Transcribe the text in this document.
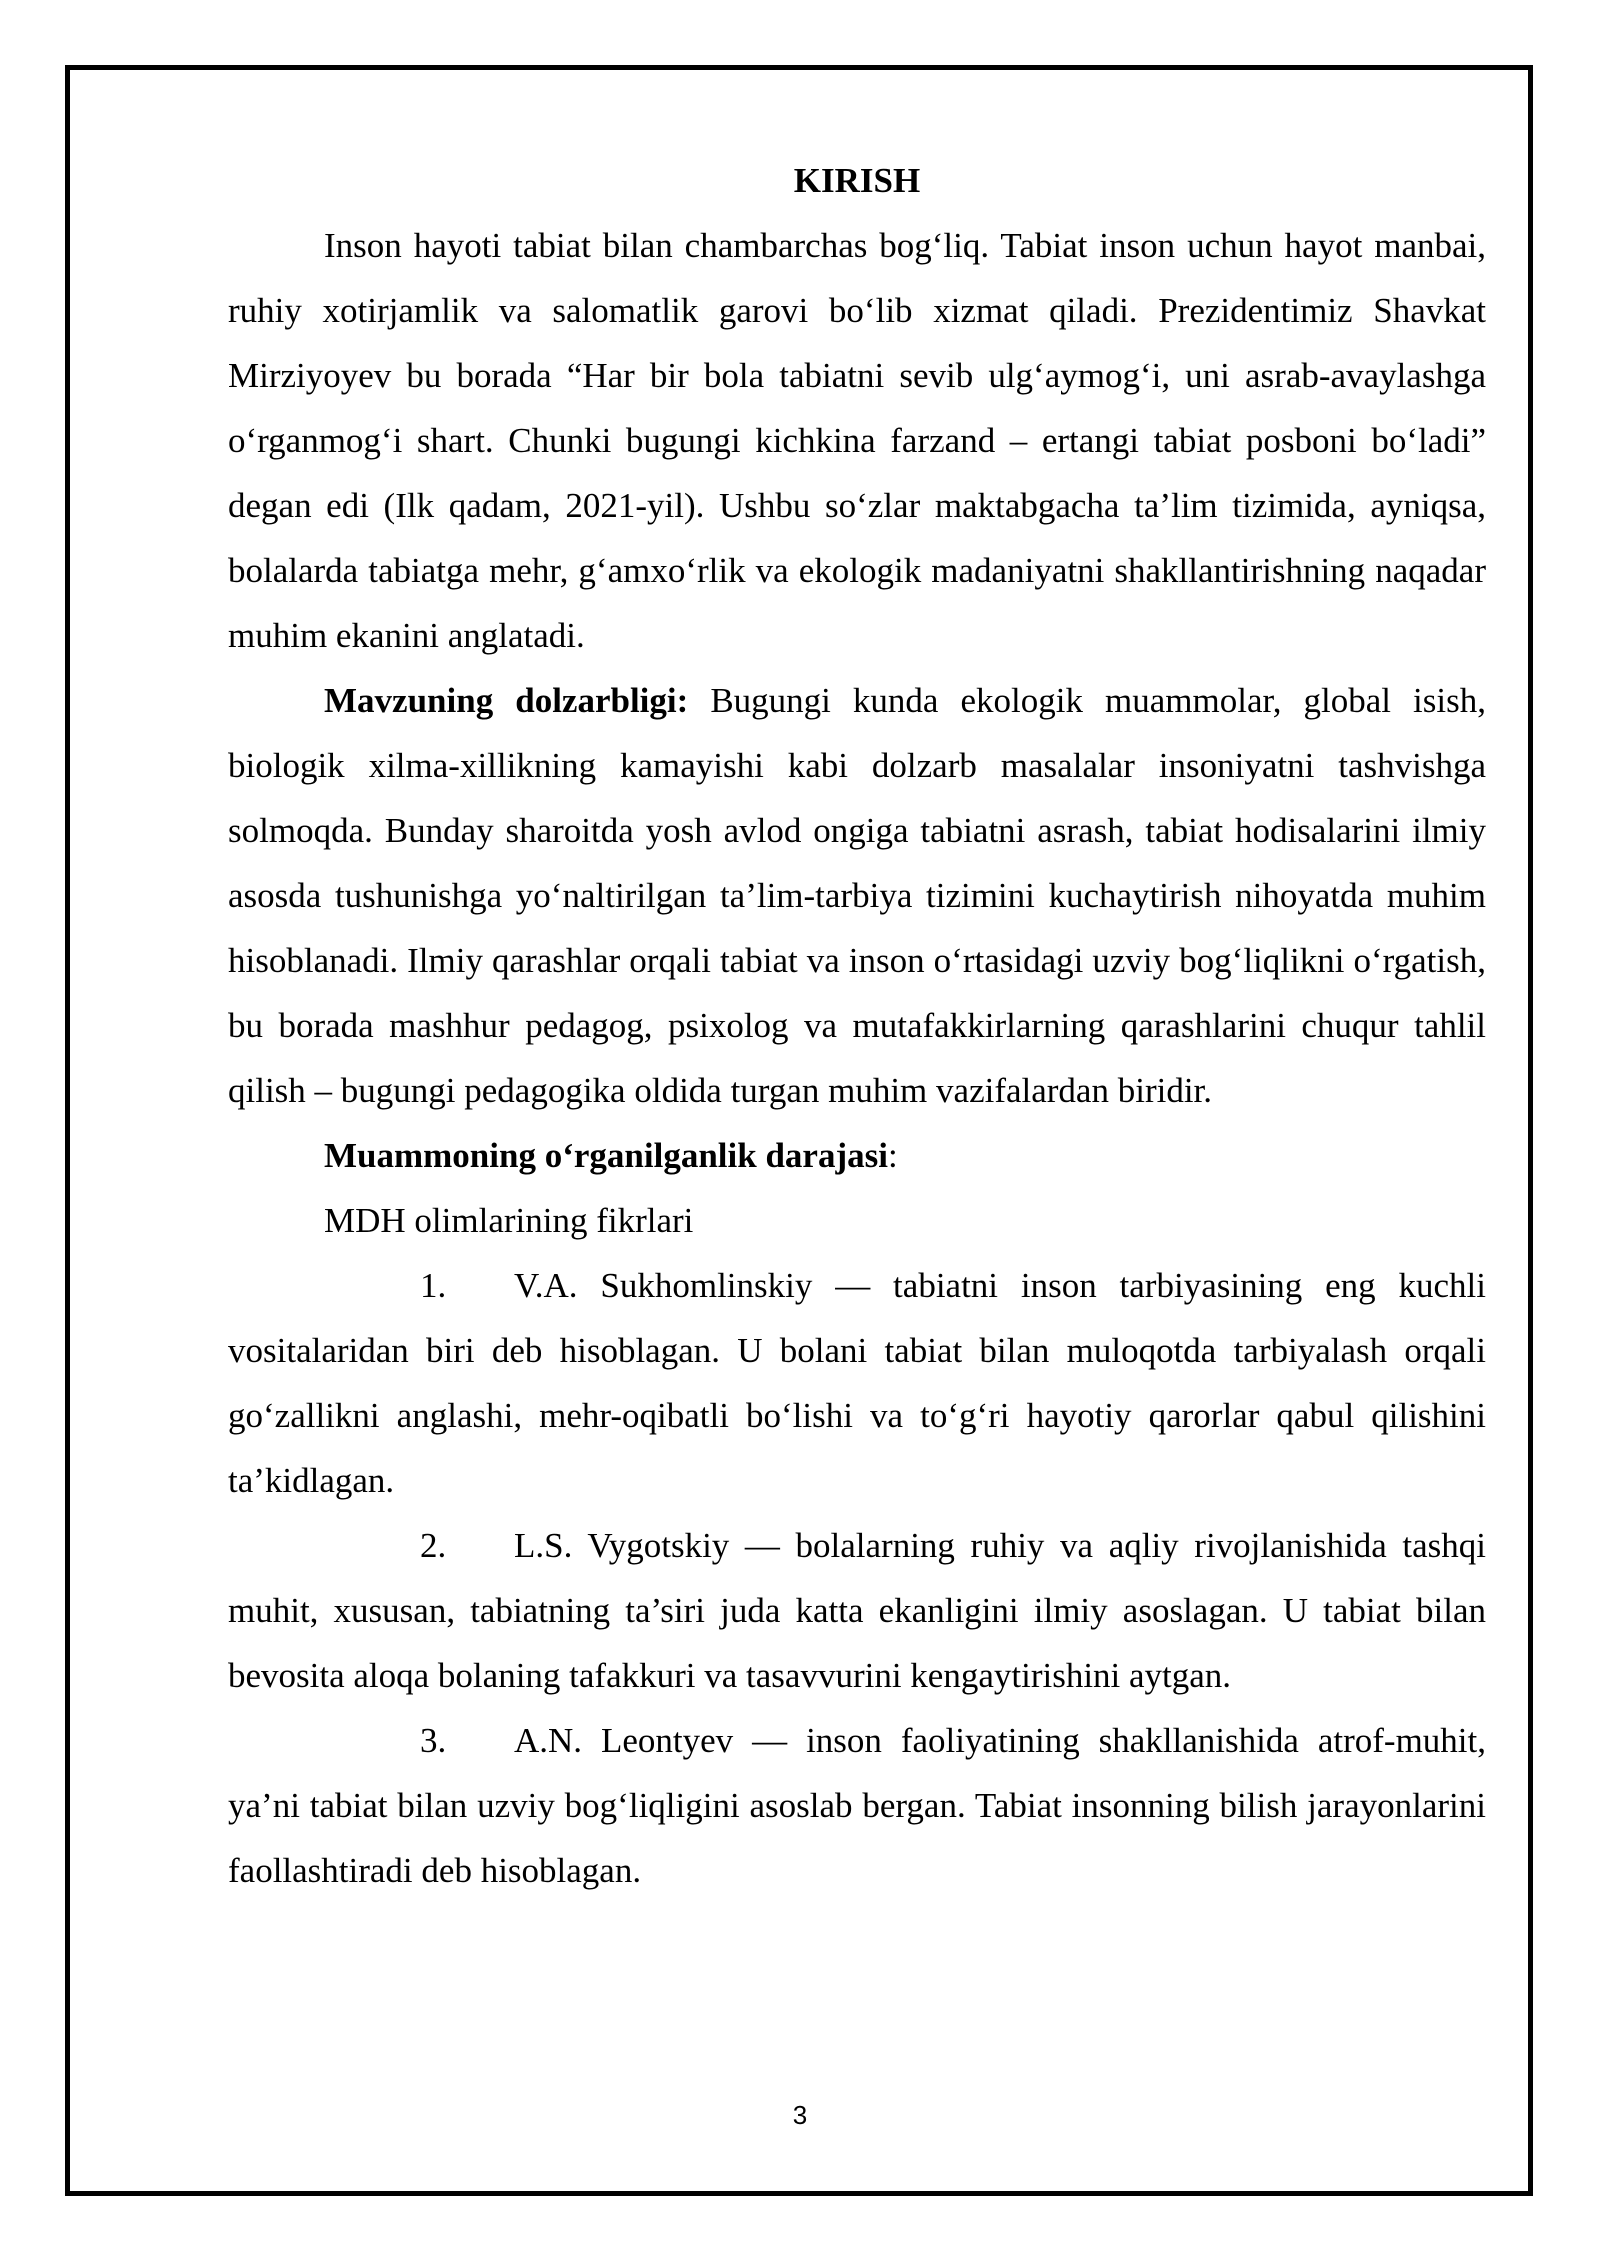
KIRISH

Inson hayoti tabiat bilan chambarchas bog‘liq. Tabiat inson uchun hayot manbai, ruhiy xotirjamlik va salomatlik garovi bo‘lib xizmat qiladi. Prezidentimiz Shavkat Mirziyoyev bu borada “Har bir bola tabiatni sevib ulg‘aymog‘i, uni asrab-avaylashga o‘rganmog‘i shart. Chunki bugungi kichkina farzand – ertangi tabiat posboni bo‘ladi” degan edi (Ilk qadam, 2021-yil). Ushbu so‘zlar maktabgacha ta’lim tizimida, ayniqsa, bolalarda tabiatga mehr, g‘amxo‘rlik va ekologik madaniyatni shakllantirishning naqadar muhim ekanini anglatadi.

Mavzuning dolzarbligi: Bugungi kunda ekologik muammolar, global isish, biologik xilma-xillikning kamayishi kabi dolzarb masalalar insoniyatni tashvishga solmoqda. Bunday sharoitda yosh avlod ongiga tabiatni asrash, tabiat hodisalarini ilmiy asosda tushunishga yo‘naltirilgan ta’lim-tarbiya tizimini kuchaytirish nihoyatda muhim hisoblanadi. Ilmiy qarashlar orqali tabiat va inson o‘rtasidagi uzviy bog‘liqlikni o‘rgatish, bu borada mashhur pedagog, psixolog va mutafakkirlarning qarashlarini chuqur tahlil qilish – bugungi pedagogika oldida turgan muhim vazifalardan biridir.

Muammoning o‘rganilganlik darajasi:

MDH olimlarining fikrlari

1. V.A. Sukhomlinskiy — tabiatni inson tarbiyasining eng kuchli vositalaridan biri deb hisoblagan. U bolani tabiat bilan muloqotda tarbiyalash orqali go‘zallikni anglashi, mehr-oqibatli bo‘lishi va to‘g‘ri hayotiy qarorlar qabul qilishini ta’kidlagan.

2. L.S. Vygotskiy — bolalarning ruhiy va aqliy rivojlanishida tashqi muhit, xususan, tabiatning ta’siri juda katta ekanligini ilmiy asoslagan. U tabiat bilan bevosita aloqa bolaning tafakkuri va tasavvurini kengaytirishini aytgan.

3. A.N. Leontyev — inson faoliyatining shakllanishida atrof-muhit, ya’ni tabiat bilan uzviy bog‘liqligini asoslab bergan. Tabiat insonning bilish jarayonlarini faollashtiradi deb hisoblagan.

3
